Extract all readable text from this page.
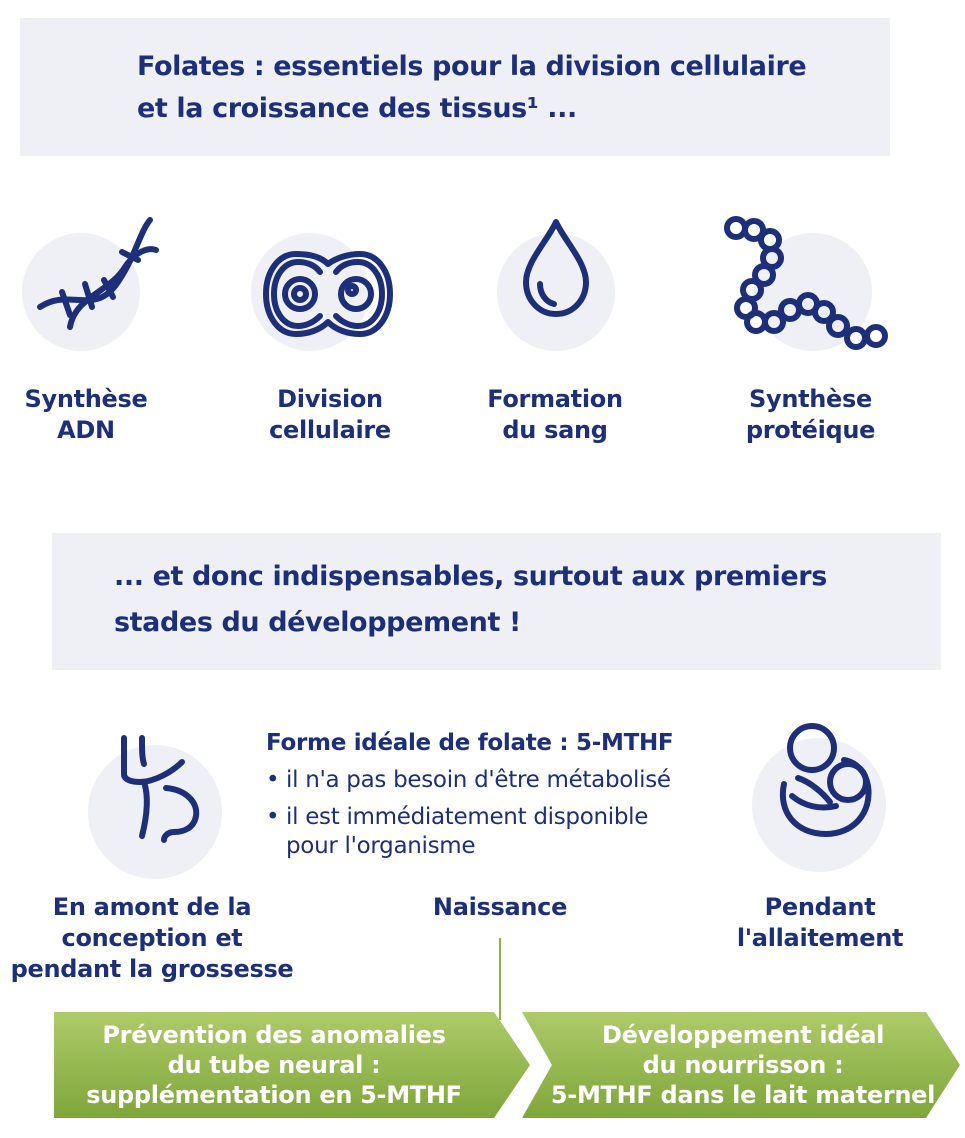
Folates : essentiels pour la division cellulaire
et la croissance des tissus¹ ...
Synthèse
ADN
Division
cellulaire
Formation
du sang
Synthèse
protéique
... et donc indispensables, surtout aux premiers
stades du développement !
Forme idéale de folate : 5-MTHF
• il n'a pas besoin d'être métabolisé
• il est immédiatement disponible
pour l'organisme
En amont de la
conception et
pendant la grossesse
Naissance	Pendant
l'allaitement
Prévention des anomalies
du tube neural :
supplémentation en 5-MTHF
Développement idéal
du nourrisson :
5-MTHF dans le lait maternel
